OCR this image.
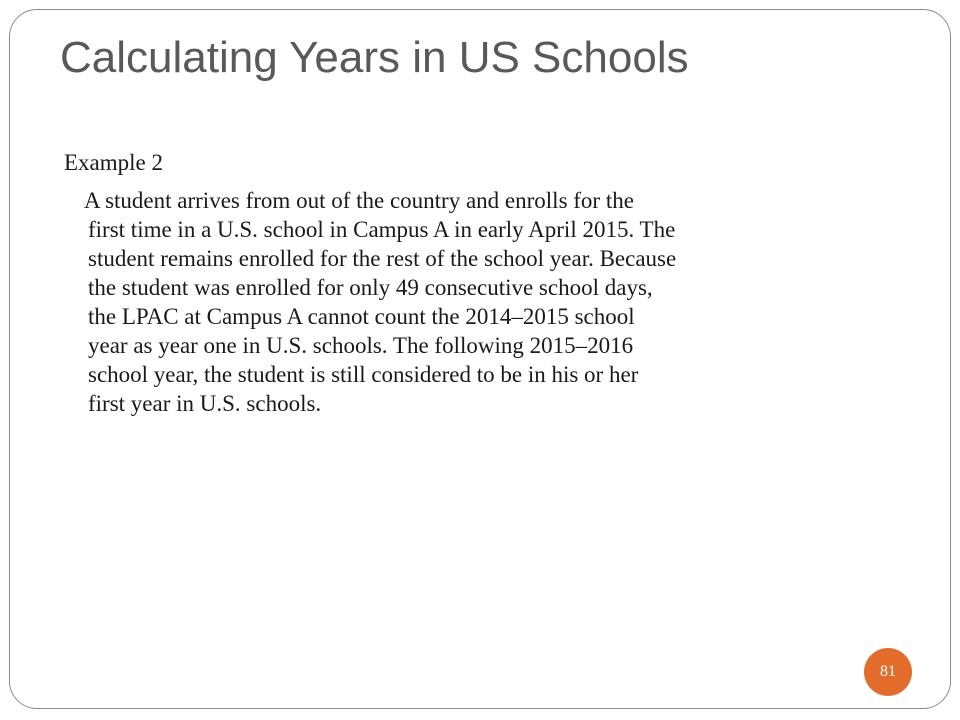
Calculating Years in US Schools
Example 2

A student arrives from out of the country and enrolls for the
first time in a U.S. school in Campus A in early April 2015. The
student remains enrolled for the rest of the school year. Because
the student was enrolled for only 49 consecutive school days,
the LPAC at Campus A cannot count the 2014–2015 school
year as year one in U.S. schools. The following 2015–2016
school year, the student is still considered to be in his or her
first year in U.S. schools.

81
